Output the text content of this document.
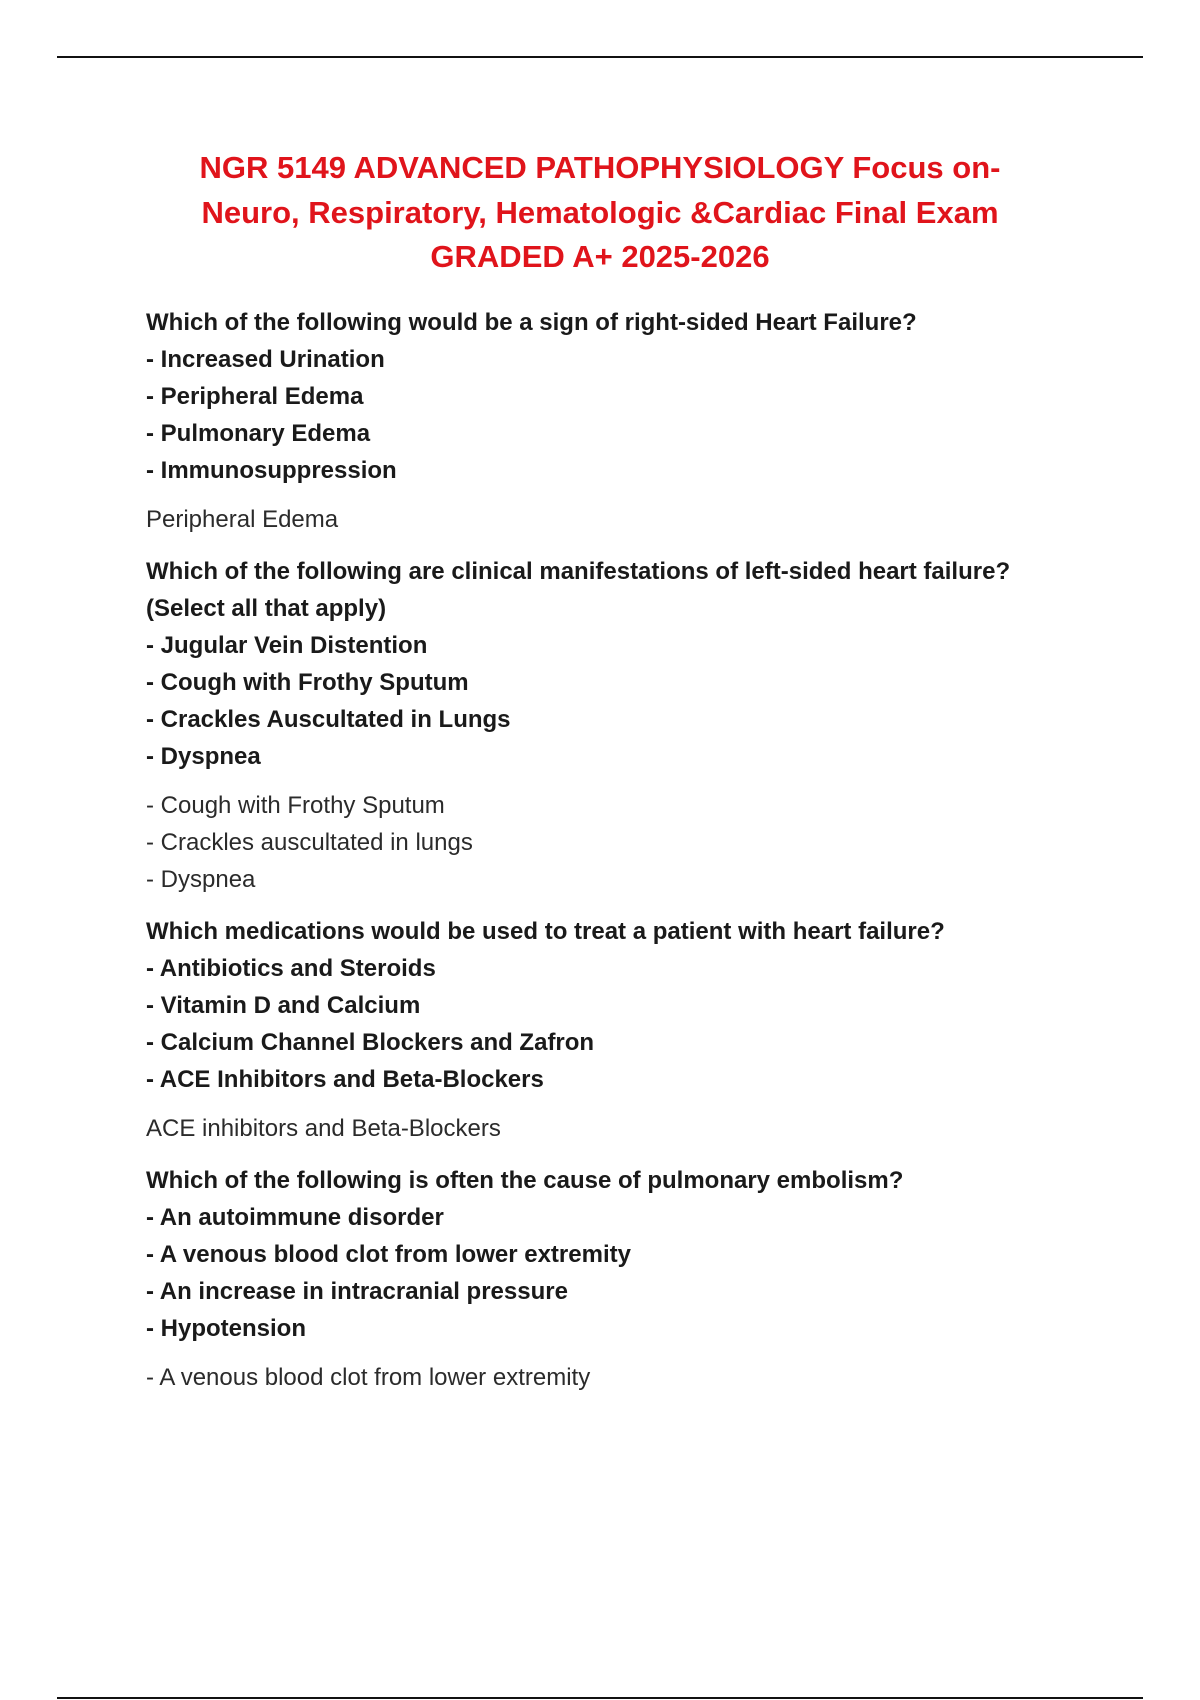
NGR 5149 ADVANCED PATHOPHYSIOLOGY Focus on-
Neuro, Respiratory, Hematologic &Cardiac Final Exam
GRADED A+ 2025-2026
Which of the following would be a sign of right-sided Heart Failure?
- Increased Urination
- Peripheral Edema
- Pulmonary Edema
- Immunosuppression
Peripheral Edema
Which of the following are clinical manifestations of left-sided heart failure?
(Select all that apply)
- Jugular Vein Distention
- Cough with Frothy Sputum
- Crackles Auscultated in Lungs
- Dyspnea
- Cough with Frothy Sputum
- Crackles auscultated in lungs
- Dyspnea
Which medications would be used to treat a patient with heart failure?
- Antibiotics and Steroids
- Vitamin D and Calcium
- Calcium Channel Blockers and Zafron
- ACE Inhibitors and Beta-Blockers
ACE inhibitors and Beta-Blockers
Which of the following is often the cause of pulmonary embolism?
- An autoimmune disorder
- A venous blood clot from lower extremity
- An increase in intracranial pressure
- Hypotension
- A venous blood clot from lower extremity
